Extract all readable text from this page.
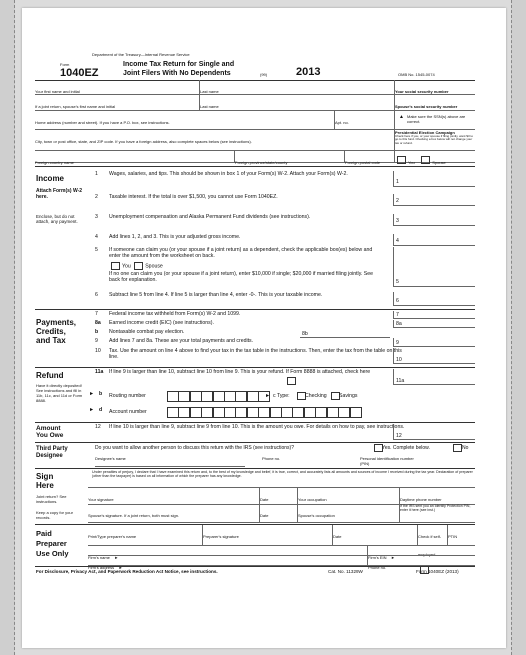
Department of the Treasury—Internal Revenue Service
Form
1040EZ
Income Tax Return for Single and
Joint Filers With No Dependents	(99)	2013	OMB No. 1545-0074
Your first name and initial	Last name	Your social security number
If a joint return, spouse's first name and initial	Last name	Spouse's social security number
Home address (number and street). If you have a P.O. box, see instructions.	Apt. no.
▲ Make sure the SSN(s) above are correct.
City, town or post office, state, and ZIP code. If you have a foreign address, also complete spaces below (see instructions).
Presidential Election Campaign
Check here if you, or your spouse if filing jointly, want $3 to go to this fund. Checking a box below will not change your tax or refund.
Foreign country name	Foreign province/state/county	Foreign postal code	You	Spouse
Income
Attach Form(s) W-2 here.
Enclose, but do not attach, any payment.
1	Wages, salaries, and tips. This should be shown in box 1 of your Form(s) W-2. Attach your Form(s) W-2.
1
2	Taxable interest. If the total is over $1,500, you cannot use Form 1040EZ.
2
3	Unemployment compensation and Alaska Permanent Fund dividends (see instructions).
3
4	Add lines 1, 2, and 3. This is your adjusted gross income.
4
5	If someone can claim you (or your spouse if a joint return) as a dependent, check the applicable box(es) below and enter the amount from the worksheet on back.
You	Spouse
If no one can claim you (or your spouse if a joint return), enter $10,000 if single; $20,000 if married filing jointly. See back for explanation.	5
6	Subtract line 5 from line 4. If line 5 is larger than line 4, enter -0-. This is your taxable income.
6
Payments,
Credits,
and Tax
7	Federal income tax withheld from Form(s) W-2 and 1099.	7
8a	Earned income credit (EIC) (see instructions).	8a
b	Nontaxable combat pay election.	8b
9	Add lines 7 and 8a. These are your total payments and credits.	9
10	Tax. Use the amount on line 4 above to find your tax in the tax table in the instructions. Then, enter the tax from the table on this line.	10
Refund
Have it directly deposited! See instructions and fill in 11b, 11c, and 11d or Form 8888.
11a	If line 9 is larger than line 10, subtract line 10 from line 9. This is your refund. If Form 8888 is attached, check here
11a
► b	Routing number	► c Type:	Checking Savings
► d	Account number
Amount
You Owe
12	If line 10 is larger than line 9, subtract line 9 from line 10. This is the amount you owe. For details on how to pay, see instructions.
12
Third Party
Designee
Do you want to allow another person to discuss this return with the IRS (see instructions)?	Yes. Complete below.	No
Designee's name	Phone no.	Personal identification number (PIN)
Sign
Here
Joint return? See instructions.
Keep a copy for your records.
Under penalties of perjury, I declare that I have examined this return and, to the best of my knowledge and belief, it is true, correct, and accurately lists all amounts and sources of income I received during the tax year. Declaration of preparer (other than the taxpayer) is based on all information of which the preparer has any knowledge.
Your signature	Date	Your occupation	Daytime phone number
Spouse's signature. If a joint return, both must sign.	Date	Spouse's occupation
If the IRS sent you an Identity Protection PIN, enter it here (see inst.)
Paid
Preparer
Use Only
Print/Type preparer's name	Preparer's signature	Date	Check if self-employed
PTIN
Firm's name ►	Firm's EIN ►
Firm's address ►	Phone no.
For Disclosure, Privacy Act, and Paperwork Reduction Act Notice, see instructions.	Cat. No. 11329W	Form 1040EZ (2013)
